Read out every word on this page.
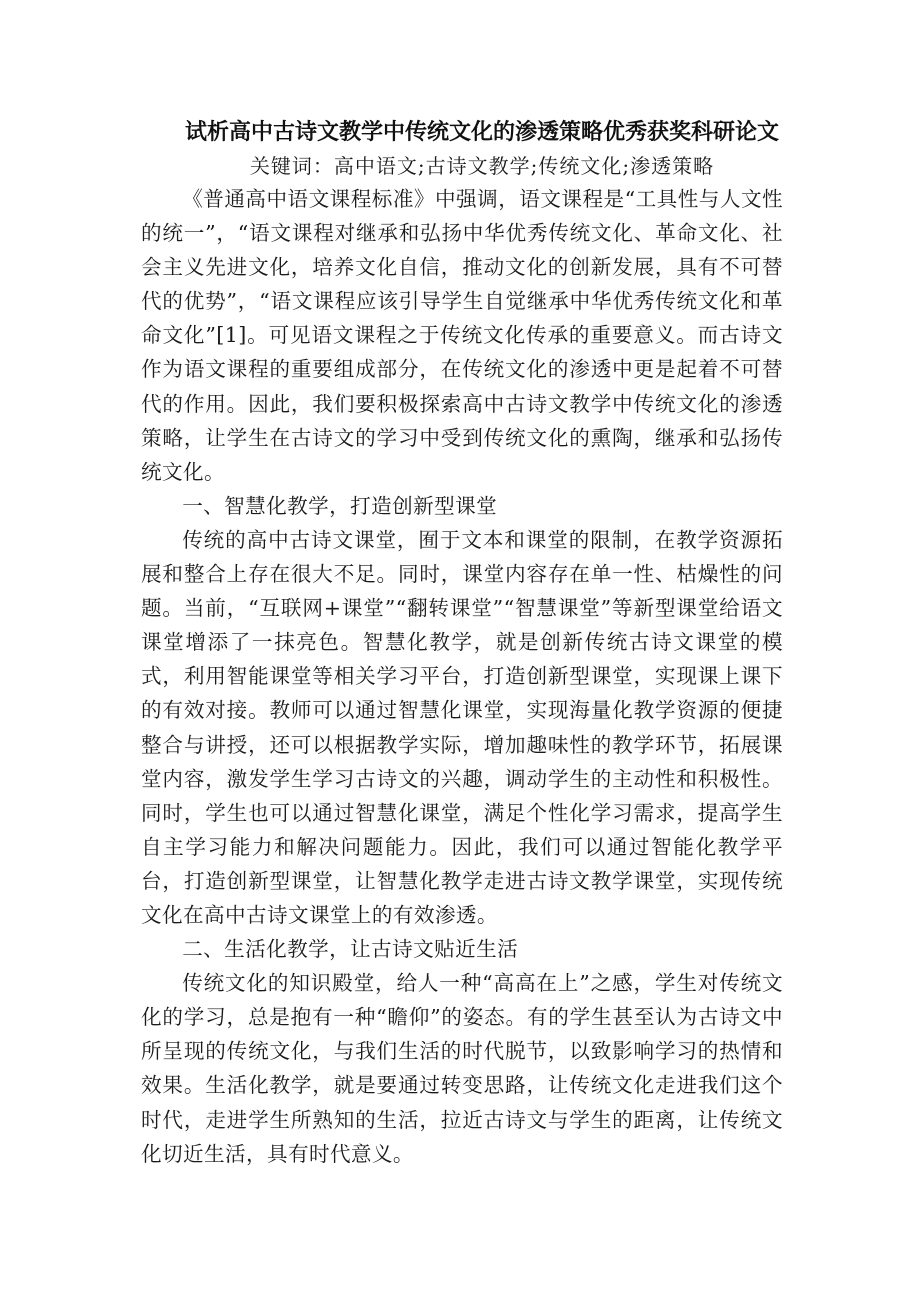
试析高中古诗文教学中传统文化的渗透策略优秀获奖科研论文

关键词：高中语文;古诗文教学;传统文化;渗透策略

《普通高中语文课程标准》中强调，语文课程是“工具性与人文性的统一”，“语文课程对继承和弘扬中华优秀传统文化、革命文化、社会主义先进文化，培养文化自信，推动文化的创新发展，具有不可替代的优势”，“语文课程应该引导学生自觉继承中华优秀传统文化和革命文化”[1]。可见语文课程之于传统文化传承的重要意义。而古诗文作为语文课程的重要组成部分，在传统文化的渗透中更是起着不可替代的作用。因此，我们要积极探索高中古诗文教学中传统文化的渗透策略，让学生在古诗文的学习中受到传统文化的熏陶，继承和弘扬传统文化。

一、智慧化教学，打造创新型课堂

传统的高中古诗文课堂，囿于文本和课堂的限制，在教学资源拓展和整合上存在很大不足。同时，课堂内容存在单一性、枯燥性的问题。当前，“互联网+课堂”“翻转课堂”“智慧课堂”等新型课堂给语文课堂增添了一抹亮色。智慧化教学，就是创新传统古诗文课堂的模式，利用智能课堂等相关学习平台，打造创新型课堂，实现课上课下的有效对接。教师可以通过智慧化课堂，实现海量化教学资源的便捷整合与讲授，还可以根据教学实际，增加趣味性的教学环节，拓展课堂内容，激发学生学习古诗文的兴趣，调动学生的主动性和积极性。同时，学生也可以通过智慧化课堂，满足个性化学习需求，提高学生自主学习能力和解决问题能力。因此，我们可以通过智能化教学平台，打造创新型课堂，让智慧化教学走进古诗文教学课堂，实现传统文化在高中古诗文课堂上的有效渗透。

二、生活化教学，让古诗文贴近生活

传统文化的知识殿堂，给人一种“高高在上”之感，学生对传统文化的学习，总是抱有一种“瞻仰”的姿态。有的学生甚至认为古诗文中所呈现的传统文化，与我们生活的时代脱节，以致影响学习的热情和效果。生活化教学，就是要通过转变思路，让传统文化走进我们这个时代，走进学生所熟知的生活，拉近古诗文与学生的距离，让传统文化切近生活，具有时代意义。
